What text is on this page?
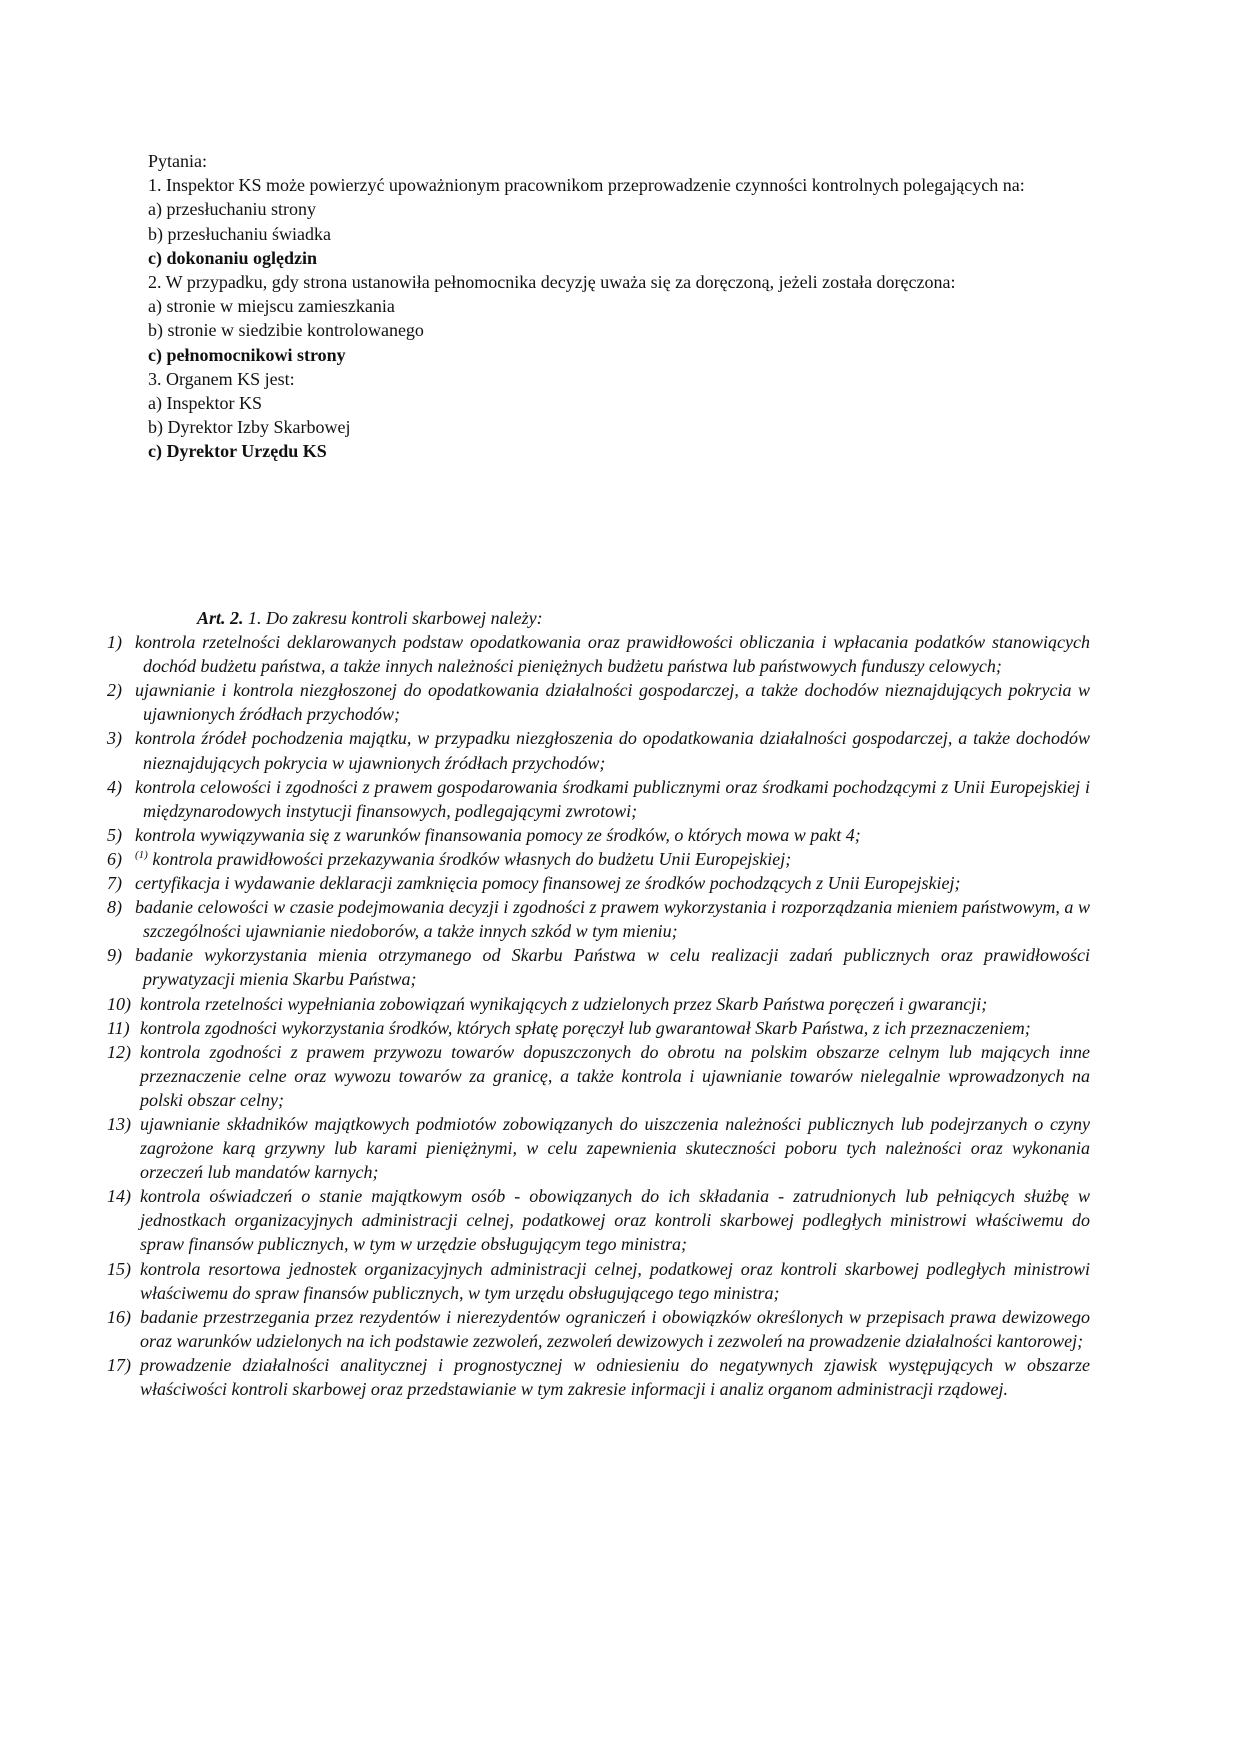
Pytania:
1. Inspektor KS może powierzyć upoważnionym pracownikom przeprowadzenie czynności kontrolnych polegających na:
a) przesłuchaniu strony
b) przesłuchaniu świadka
c) dokonaniu oględzin
2. W przypadku, gdy strona ustanowiła pełnomocnika decyzję uważa się za doręczoną, jeżeli została doręczona:
a) stronie w miejscu zamieszkania
b) stronie w siedzibie kontrolowanego
c) pełnomocnikowi strony
3. Organem KS jest:
a) Inspektor KS
b) Dyrektor Izby Skarbowej
c) Dyrektor Urzędu KS
Art. 2. 1. Do zakresu kontroli skarbowej należy:
1) kontrola rzetelności deklarowanych podstaw opodatkowania oraz prawidłowości obliczania i wpłacania podatków stanowiących dochód budżetu państwa, a także innych należności pieniężnych budżetu państwa lub państwowych funduszy celowych;
2) ujawnianie i kontrola niezgłoszonej do opodatkowania działalności gospodarczej, a także dochodów nieznajdujących pokrycia w ujawnionych źródłach przychodów;
3) kontrola źródeł pochodzenia majątku, w przypadku niezgłoszenia do opodatkowania działalności gospodarczej, a także dochodów nieznajdujących pokrycia w ujawnionych źródłach przychodów;
4) kontrola celowości i zgodności z prawem gospodarowania środkami publicznymi oraz środkami pochodzącymi z Unii Europejskiej i międzynarodowych instytucji finansowych, podlegającymi zwrotowi;
5) kontrola wywiązywania się z warunków finansowania pomocy ze środków, o których mowa w pakt 4;
6) $^{(1)}$ kontrola prawidłowości przekazywania środków własnych do budżetu Unii Europejskiej;
7) certyfikacja i wydawanie deklaracji zamknięcia pomocy finansowej ze środków pochodzących z Unii Europejskiej;
8) badanie celowości w czasie podejmowania decyzji i zgodności z prawem wykorzystania i rozporządzania mieniem państwowym, a w szczególności ujawnianie niedoborów, a także innych szkód w tym mieniu;
9) badanie wykorzystania mienia otrzymanego od Skarbu Państwa w celu realizacji zadań publicznych oraz prawidłowości prywatyzacji mienia Skarbu Państwa;
10) kontrola rzetelności wypełniania zobowiązań wynikających z udzielonych przez Skarb Państwa poręczeń i gwarancji;
11) kontrola zgodności wykorzystania środków, których spłatę poręczył lub gwarantował Skarb Państwa, z ich przeznaczeniem;
12) kontrola zgodności z prawem przywozu towarów dopuszczonych do obrotu na polskim obszarze celnym lub mających inne przeznaczenie celne oraz wywozu towarów za granicę, a także kontrola i ujawnianie towarów nielegalnie wprowadzonych na polski obszar celny;
13) ujawnianie składników majątkowych podmiotów zobowiązanych do uiszczenia należności publicznych lub podejrzanych o czyny zagrożone karą grzywny lub karami pieniężnymi, w celu zapewnienia skuteczności poboru tych należności oraz wykonania orzeczeń lub mandatów karnych;
14) kontrola oświadczeń o stanie majątkowym osób - obowiązanych do ich składania - zatrudnionych lub pełniących służbę w jednostkach organizacyjnych administracji celnej, podatkowej oraz kontroli skarbowej podległych ministrowi właściwemu do spraw finansów publicznych, w tym w urzędzie obsługującym tego ministra;
15) kontrola resortowa jednostek organizacyjnych administracji celnej, podatkowej oraz kontroli skarbowej podległych ministrowi właściwemu do spraw finansów publicznych, w tym urzędu obsługującego tego ministra;
16) badanie przestrzegania przez rezydentów i nierezydentów ograniczeń i obowiązków określonych w przepisach prawa dewizowego oraz warunków udzielonych na ich podstawie zezwoleń, zezwoleń dewizowych i zezwoleń na prowadzenie działalności kantorowej;
17) prowadzenie działalności analitycznej i prognostycznej w odniesieniu do negatywnych zjawisk występujących w obszarze właściwości kontroli skarbowej oraz przedstawianie w tym zakresie informacji i analiz organom administracji rządowej.
